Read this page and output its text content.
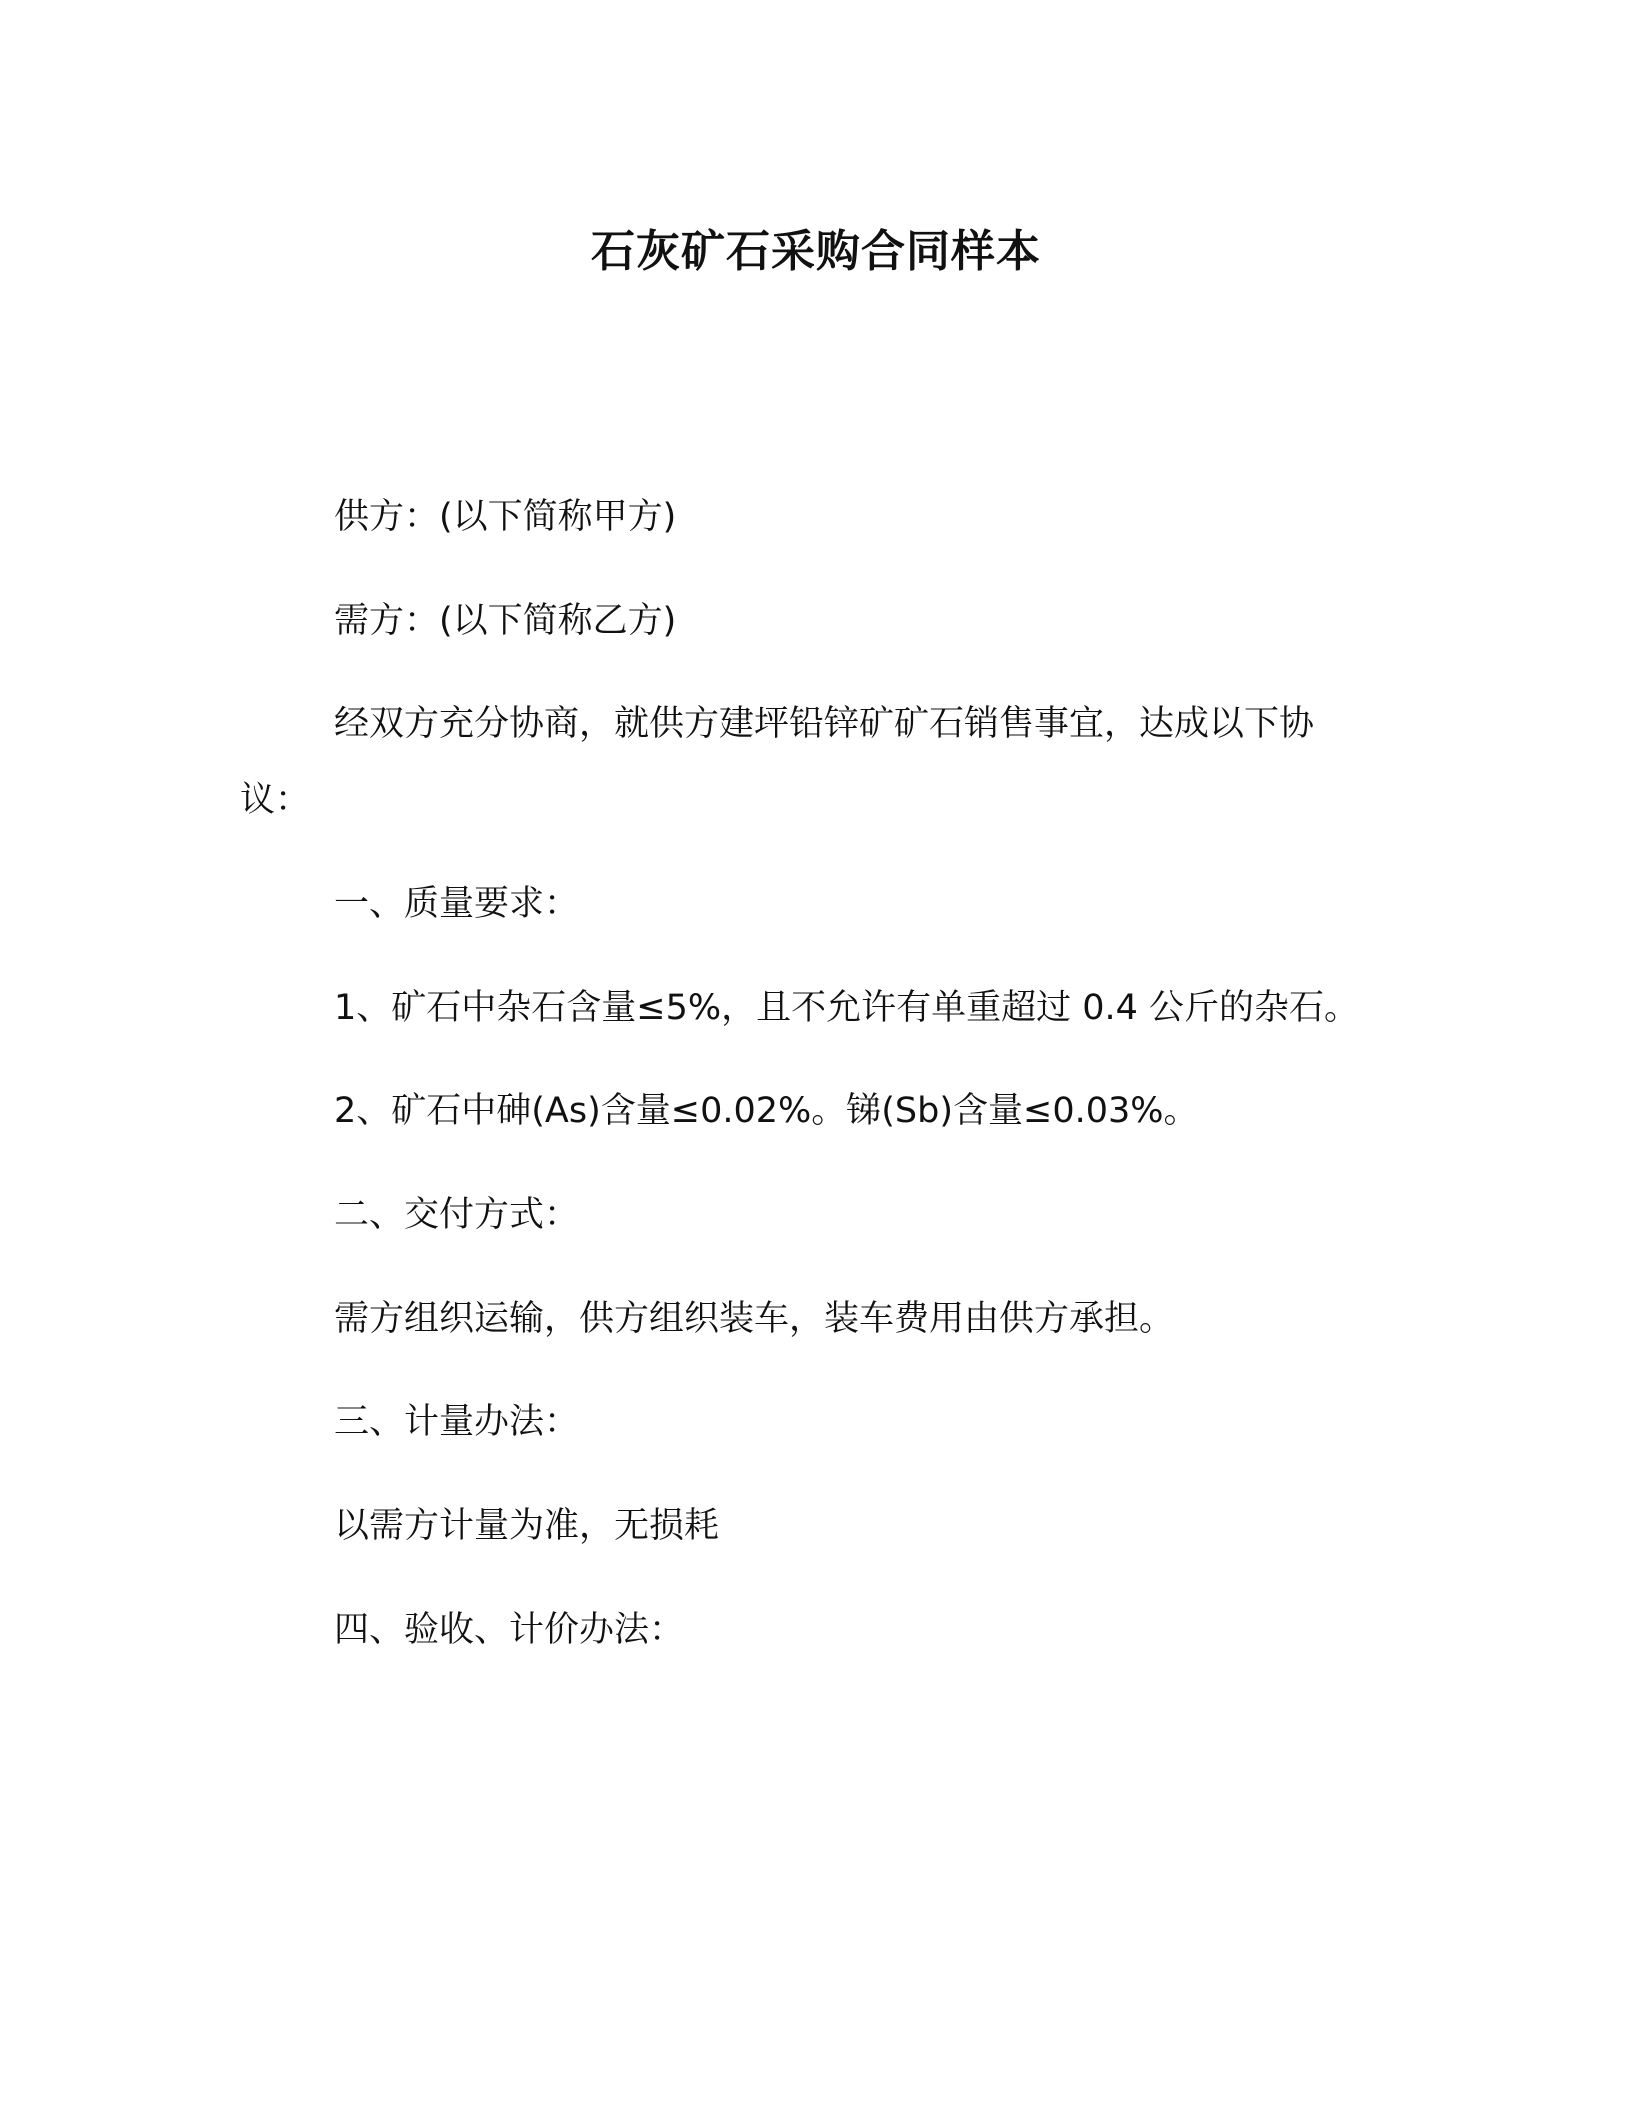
石灰矿石采购合同样本
供方：(以下简称甲方)
需方：(以下简称乙方)
经双方充分协商，就供方建坪铅锌矿矿石销售事宜，达成以下协
议：
一、质量要求：
1、矿石中杂石含量≤5%，且不允许有单重超过 0.4 公斤的杂石。
2、矿石中砷(As)含量≤0.02%。锑(Sb)含量≤0.03%。
二、交付方式：
需方组织运输，供方组织装车，装车费用由供方承担。
三、计量办法：
以需方计量为准，无损耗
四、验收、计价办法：
